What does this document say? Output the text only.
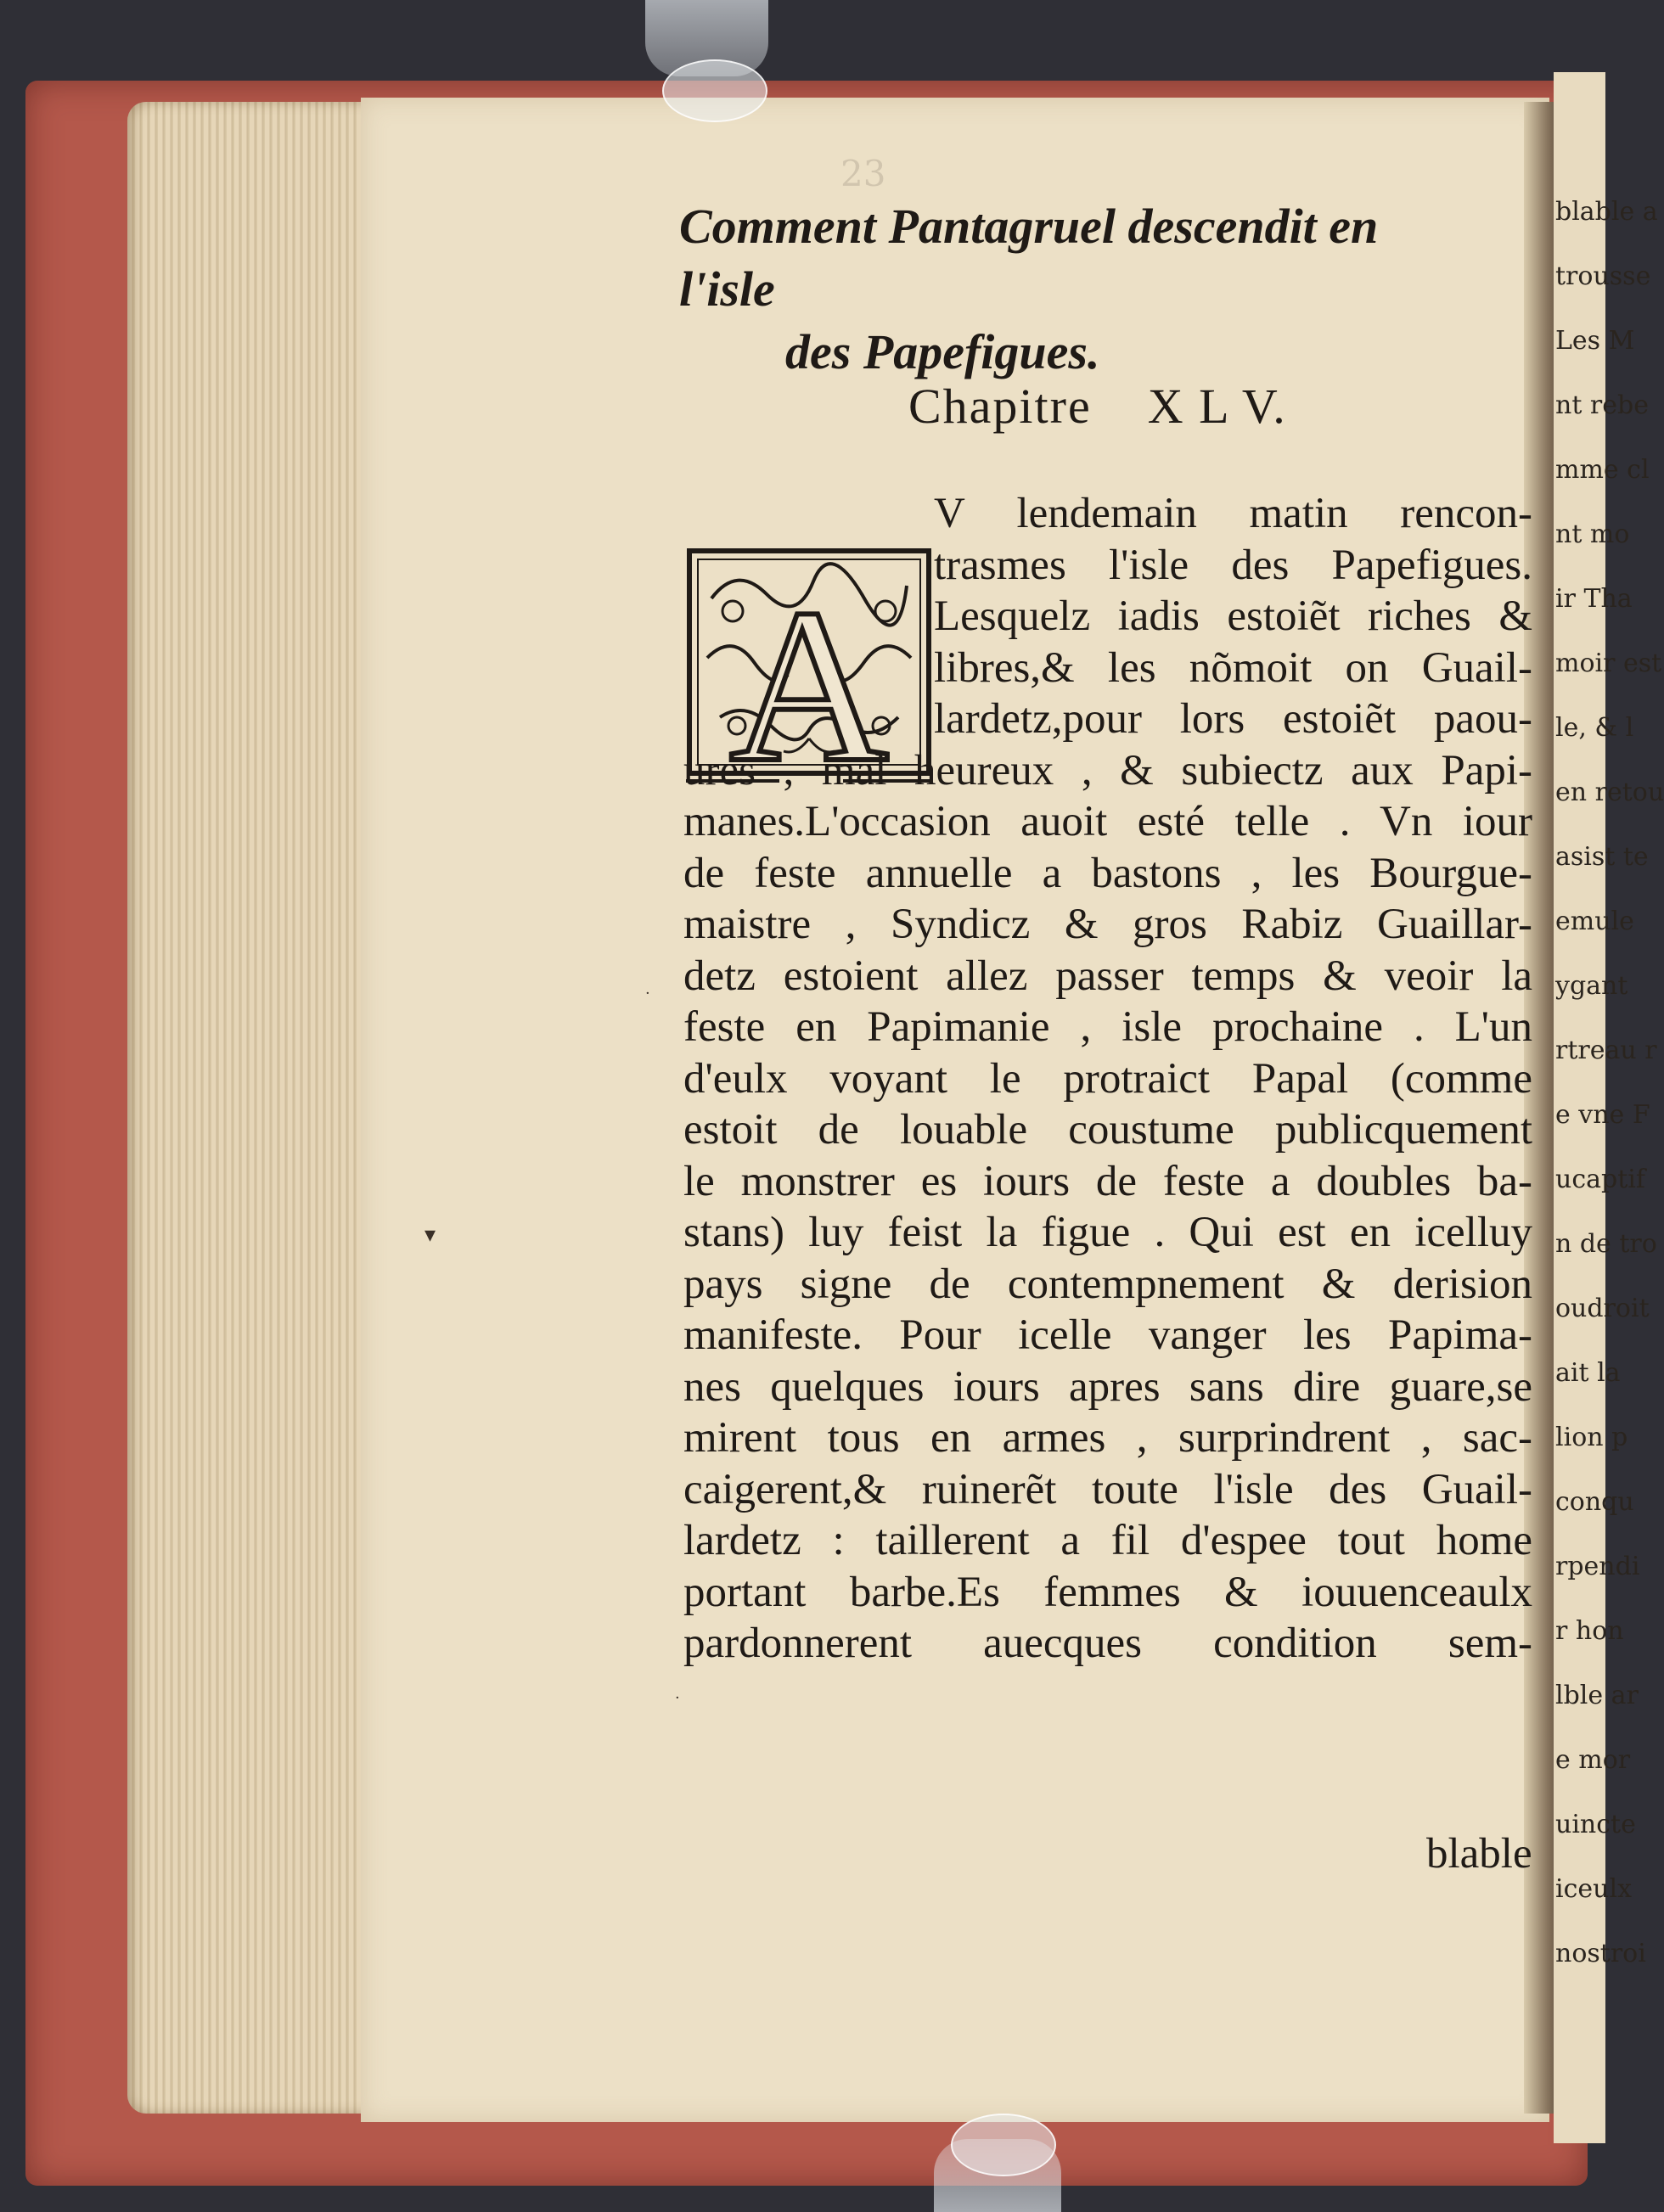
blable a
trousse
Les M
nt rebe
mme cl
nt mo
ir Tha
moir est
le, & l
en retou
asist te
emule
ygant
rtreau r
e vne F
ucaptif
n de tro
oudroit
ait la
lion p
conqu
rpendi
r hon
lble ar
e mor
uincte
iceulx
nostroi
23
Comment Pantagruel descendit en l'isle
des Papefigues.
Chapitre    X L V.
A
V lendemain matin rencon-
trasmes l'isle des Papefigues.
Lesquelz iadis estoiẽt riches &
libres,& les nõmoit on Guail-
lardetz,pour lors estoiẽt paou-
ures , mal heureux , & subiectz aux Papi-
manes.L'occasion auoit esté telle . Vn iour
de feste annuelle a bastons , les Bourgue-
maistre , Syndicz & gros Rabiz Guaillar-
detz estoient allez passer temps & veoir la
feste en Papimanie , isle prochaine . L'un
d'eulx voyant le protraict Papal (comme
estoit de louable coustume publicquement
le monstrer es iours de feste a doubles ba-
stans) luy feist la figue . Qui est en icelluy
pays signe de contempnement & derision
manifeste. Pour icelle vanger les Papima-
nes quelques iours apres sans dire guare,se
mirent tous en armes , surprindrent , sac-
caigerent,& ruinerẽt toute l'isle des Guail-
lardetz : taillerent a fil d'espee tout home
portant barbe.Es femmes & iouuenceaulx
pardonnerent auecques condition sem-
blable
▾
·
·
